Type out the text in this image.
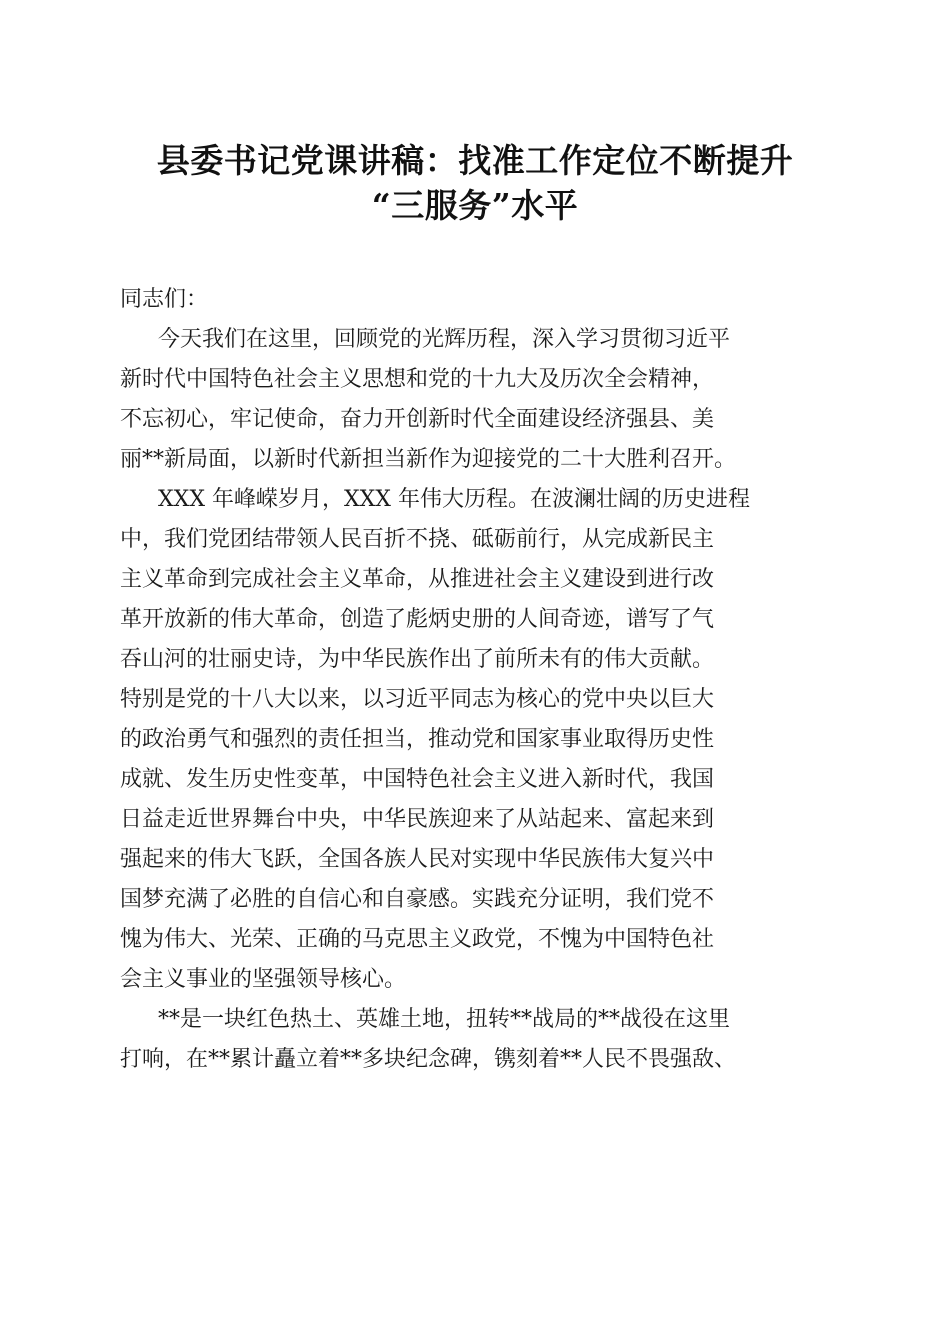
县委书记党课讲稿：找准工作定位不断提升
“三服务”水平
同志们：
今天我们在这里，回顾党的光辉历程，深入学习贯彻习近平
新时代中国特色社会主义思想和党的十九大及历次全会精神，
不忘初心，牢记使命，奋力开创新时代全面建设经济强县、美
丽**新局面，以新时代新担当新作为迎接党的二十大胜利召开。
XXX 年峰嵘岁月，XXX 年伟大历程。在波澜壮阔的历史进程
中，我们党团结带领人民百折不挠、砥砺前行，从完成新民主
主义革命到完成社会主义革命，从推进社会主义建设到进行改
革开放新的伟大革命，创造了彪炳史册的人间奇迹，谱写了气
吞山河的壮丽史诗，为中华民族作出了前所未有的伟大贡献。
特别是党的十八大以来，以习近平同志为核心的党中央以巨大
的政治勇气和强烈的责任担当，推动党和国家事业取得历史性
成就、发生历史性变革，中国特色社会主义进入新时代，我国
日益走近世界舞台中央，中华民族迎来了从站起来、富起来到
强起来的伟大飞跃，全国各族人民对实现中华民族伟大复兴中
国梦充满了必胜的自信心和自豪感。实践充分证明，我们党不
愧为伟大、光荣、正确的马克思主义政党，不愧为中国特色社
会主义事业的坚强领导核心。
**是一块红色热土、英雄土地，扭转**战局的**战役在这里
打响，在**累计矗立着**多块纪念碑，镌刻着**人民不畏强敌、
